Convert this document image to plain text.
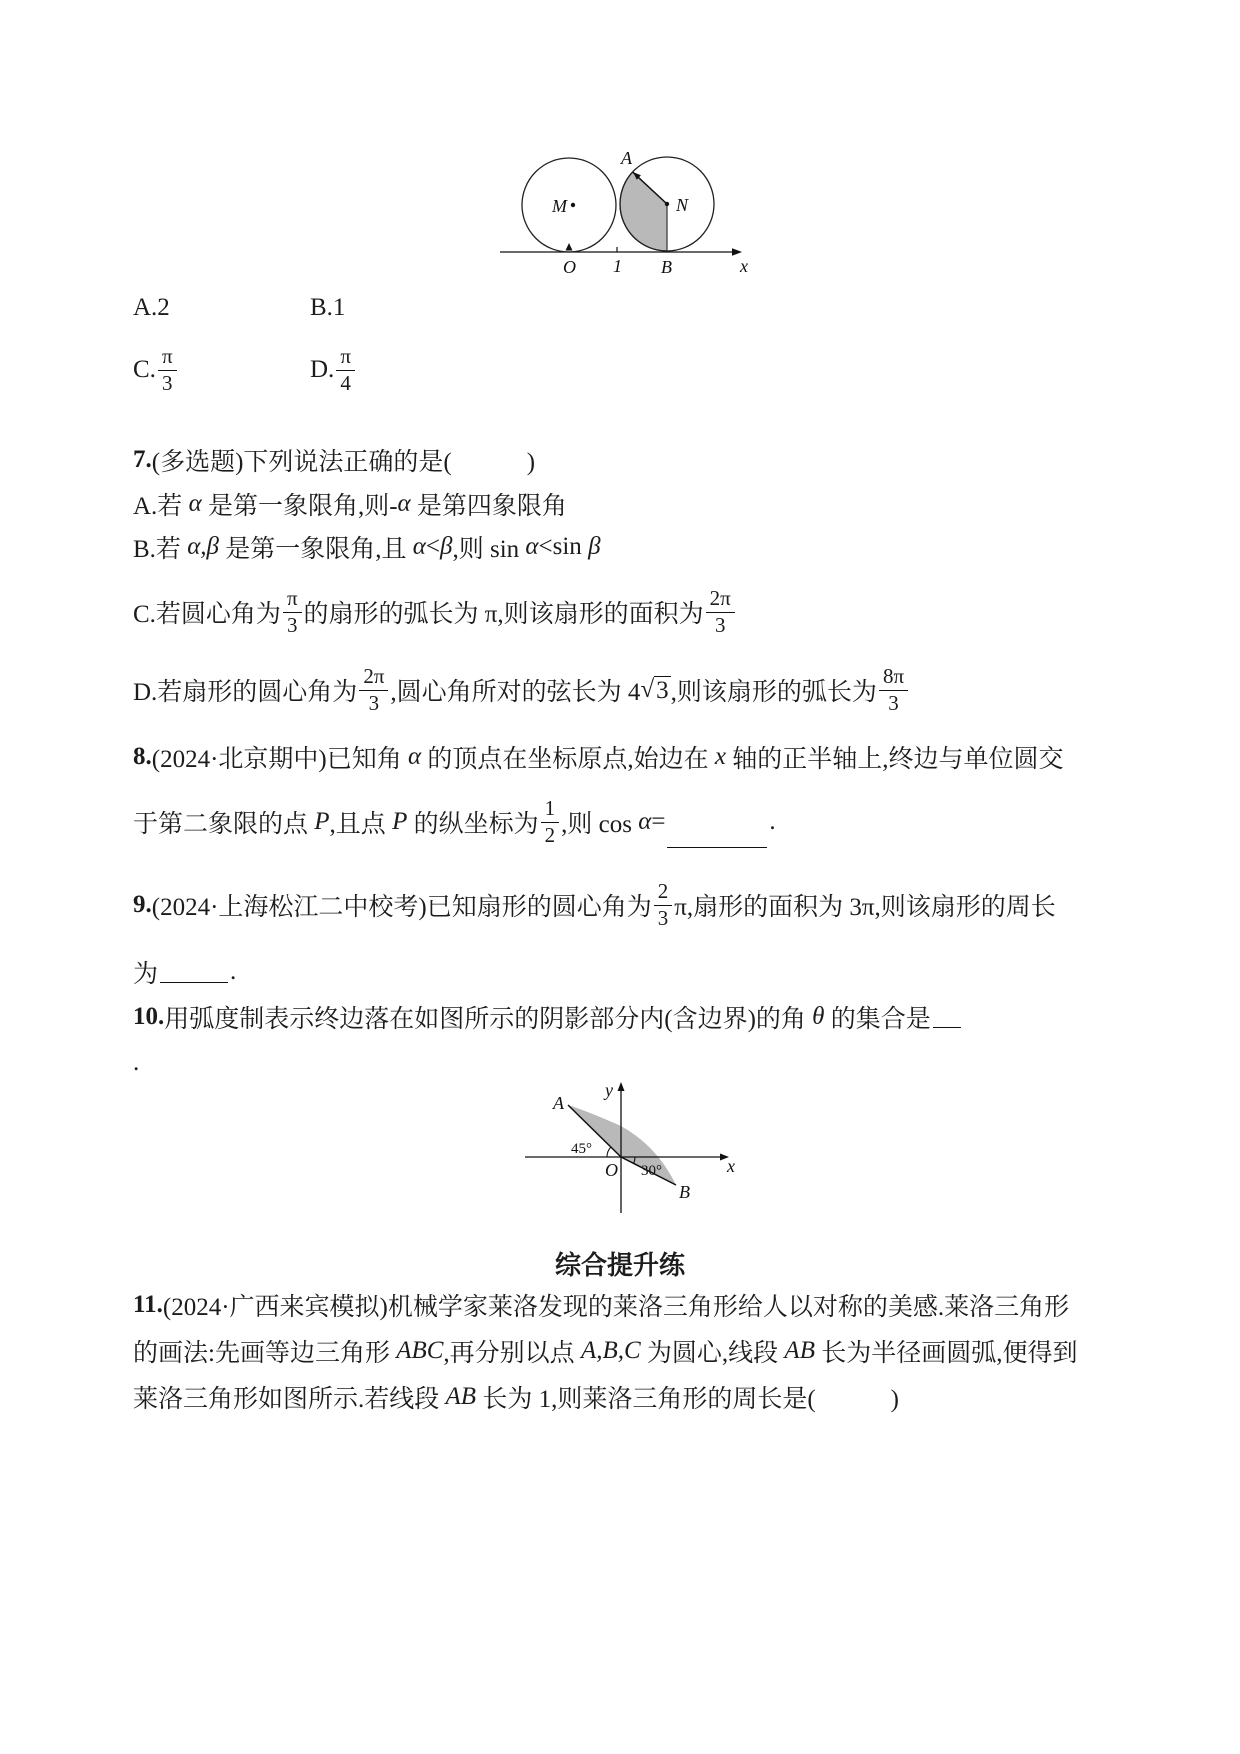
M	N
A
O 1 B	x
A.2	B.1
C. $\frac{\pi}{3}$	D. $\frac{\pi}{4}$
7. (多选题)下列说法正确的是(　　　)
A.若 α 是第一象限角,则- α 是第四象限角
B.若 α,β 是第一象限角,且 α < β ,则 sin α <sin β
C.若圆心角为 $\frac{\pi}{3}$ 的扇形的弧长为 π,则该扇形的面积为 $\frac{2\pi}{3}$
D.若扇形的圆心角为 $\frac{2\pi}{3}$ ,圆心角所对的弦长为 4 √ 3 ,则该扇形的弧长为 $\frac{8\pi}{3}$
8. (2024·北京期中)已知角 α 的顶点在坐标原点,始边在 x 轴的正半轴上,终边与单位圆交
于第二象限的点 P ,且点 P 的纵坐标为 $\frac{1}{2}$ ,则 cos α =	.
9. (2024·上海松江二中校考)已知扇形的圆心角为 $\frac{2}{3} \pi$,扇形的面积为 3π,则该扇形的周长
为	.
10. 用弧度制表示终边落在如图所示的阴影部分内(含边界)的角 θ 的集合是
.
y
x
O
A
B
45°
30°
综合提升练
11. (2024·广西来宾模拟)机械学家莱洛发现的莱洛三角形给人以对称的美感.莱洛三角形
的画法:先画等边三角形 ABC ,再分别以点 A,B,C 为圆心,线段 AB 长为半径画圆弧,便得到
莱洛三角形如图所示.若线段 AB 长为 1,则莱洛三角形的周长是(　　　)
